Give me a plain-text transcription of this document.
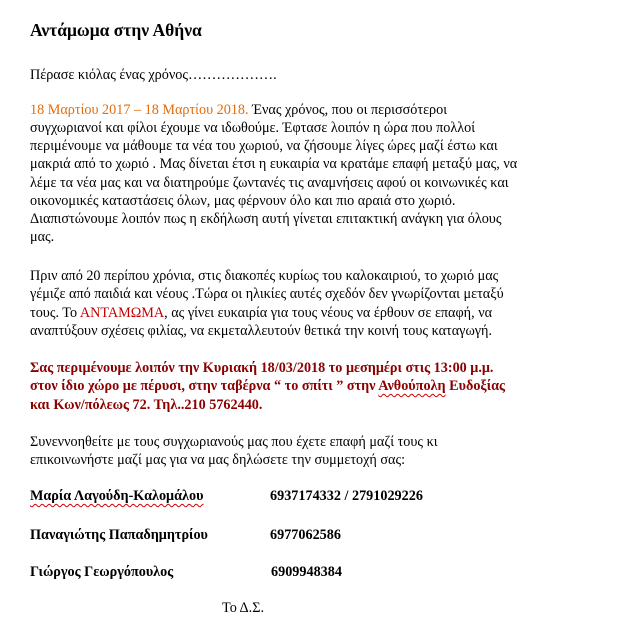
Αντάμωμα στην Αθήνα
Πέρασε κιόλας ένας χρόνος……………….
18 Μαρτίου 2017 – 18 Μαρτίου 2018. Ένας χρόνος, που οι περισσότεροι
συγχωριανοί και φίλοι έχουμε να ιδωθούμε. Έφτασε λοιπόν η ώρα που πολλοί
περιμένουμε να μάθουμε τα νέα του χωριού, να ζήσουμε λίγες ώρες μαζί έστω και
μακριά από το χωριό . Μας δίνεται έτσι η ευκαιρία να κρατάμε επαφή μεταξύ μας, να
λέμε τα νέα μας και να διατηρούμε ζωντανές τις αναμνήσεις αφού οι κοινωνικές και
οικονομικές καταστάσεις όλων, μας φέρνουν όλο και πιο αραιά στο χωριό.
Διαπιστώνουμε λοιπόν πως η εκδήλωση αυτή γίνεται επιτακτική ανάγκη για όλους
μας.
Πριν από 20 περίπου χρόνια, στις διακοπές κυρίως του καλοκαιριού, το χωριό μας
γέμιζε από παιδιά και νέους .Τώρα οι ηλικίες αυτές σχεδόν δεν γνωρίζονται μεταξύ
τους. Το ΑΝΤΑΜΩΜΑ, ας γίνει ευκαιρία για τους νέους να έρθουν σε επαφή, να
αναπτύξουν σχέσεις φιλίας, να εκμεταλλευτούν θετικά την κοινή τους καταγωγή.
Σας περιμένουμε λοιπόν την Κυριακή 18/03/2018 το μεσημέρι στις 13:00 μ.μ.
στον ίδιο χώρο με πέρυσι, στην ταβέρνα “ το σπίτι ” στην Ανθούπολη Ευδοξίας
και Κων/πόλεως 72. Τηλ..210 5762440.
Συνεννοηθείτε με τους συγχωριανούς μας που έχετε επαφή μαζί τους κι
επικοινωνήστε μαζί μας για να μας δηλώσετε την συμμετοχή σας:
Μαρία Λαγούδη-Καλομάλου	6937174332 / 2791029226
Παναγιώτης Παπαδημητρίου	6977062586
Γιώργος Γεωργόπουλος	6909948384
Το Δ.Σ.
